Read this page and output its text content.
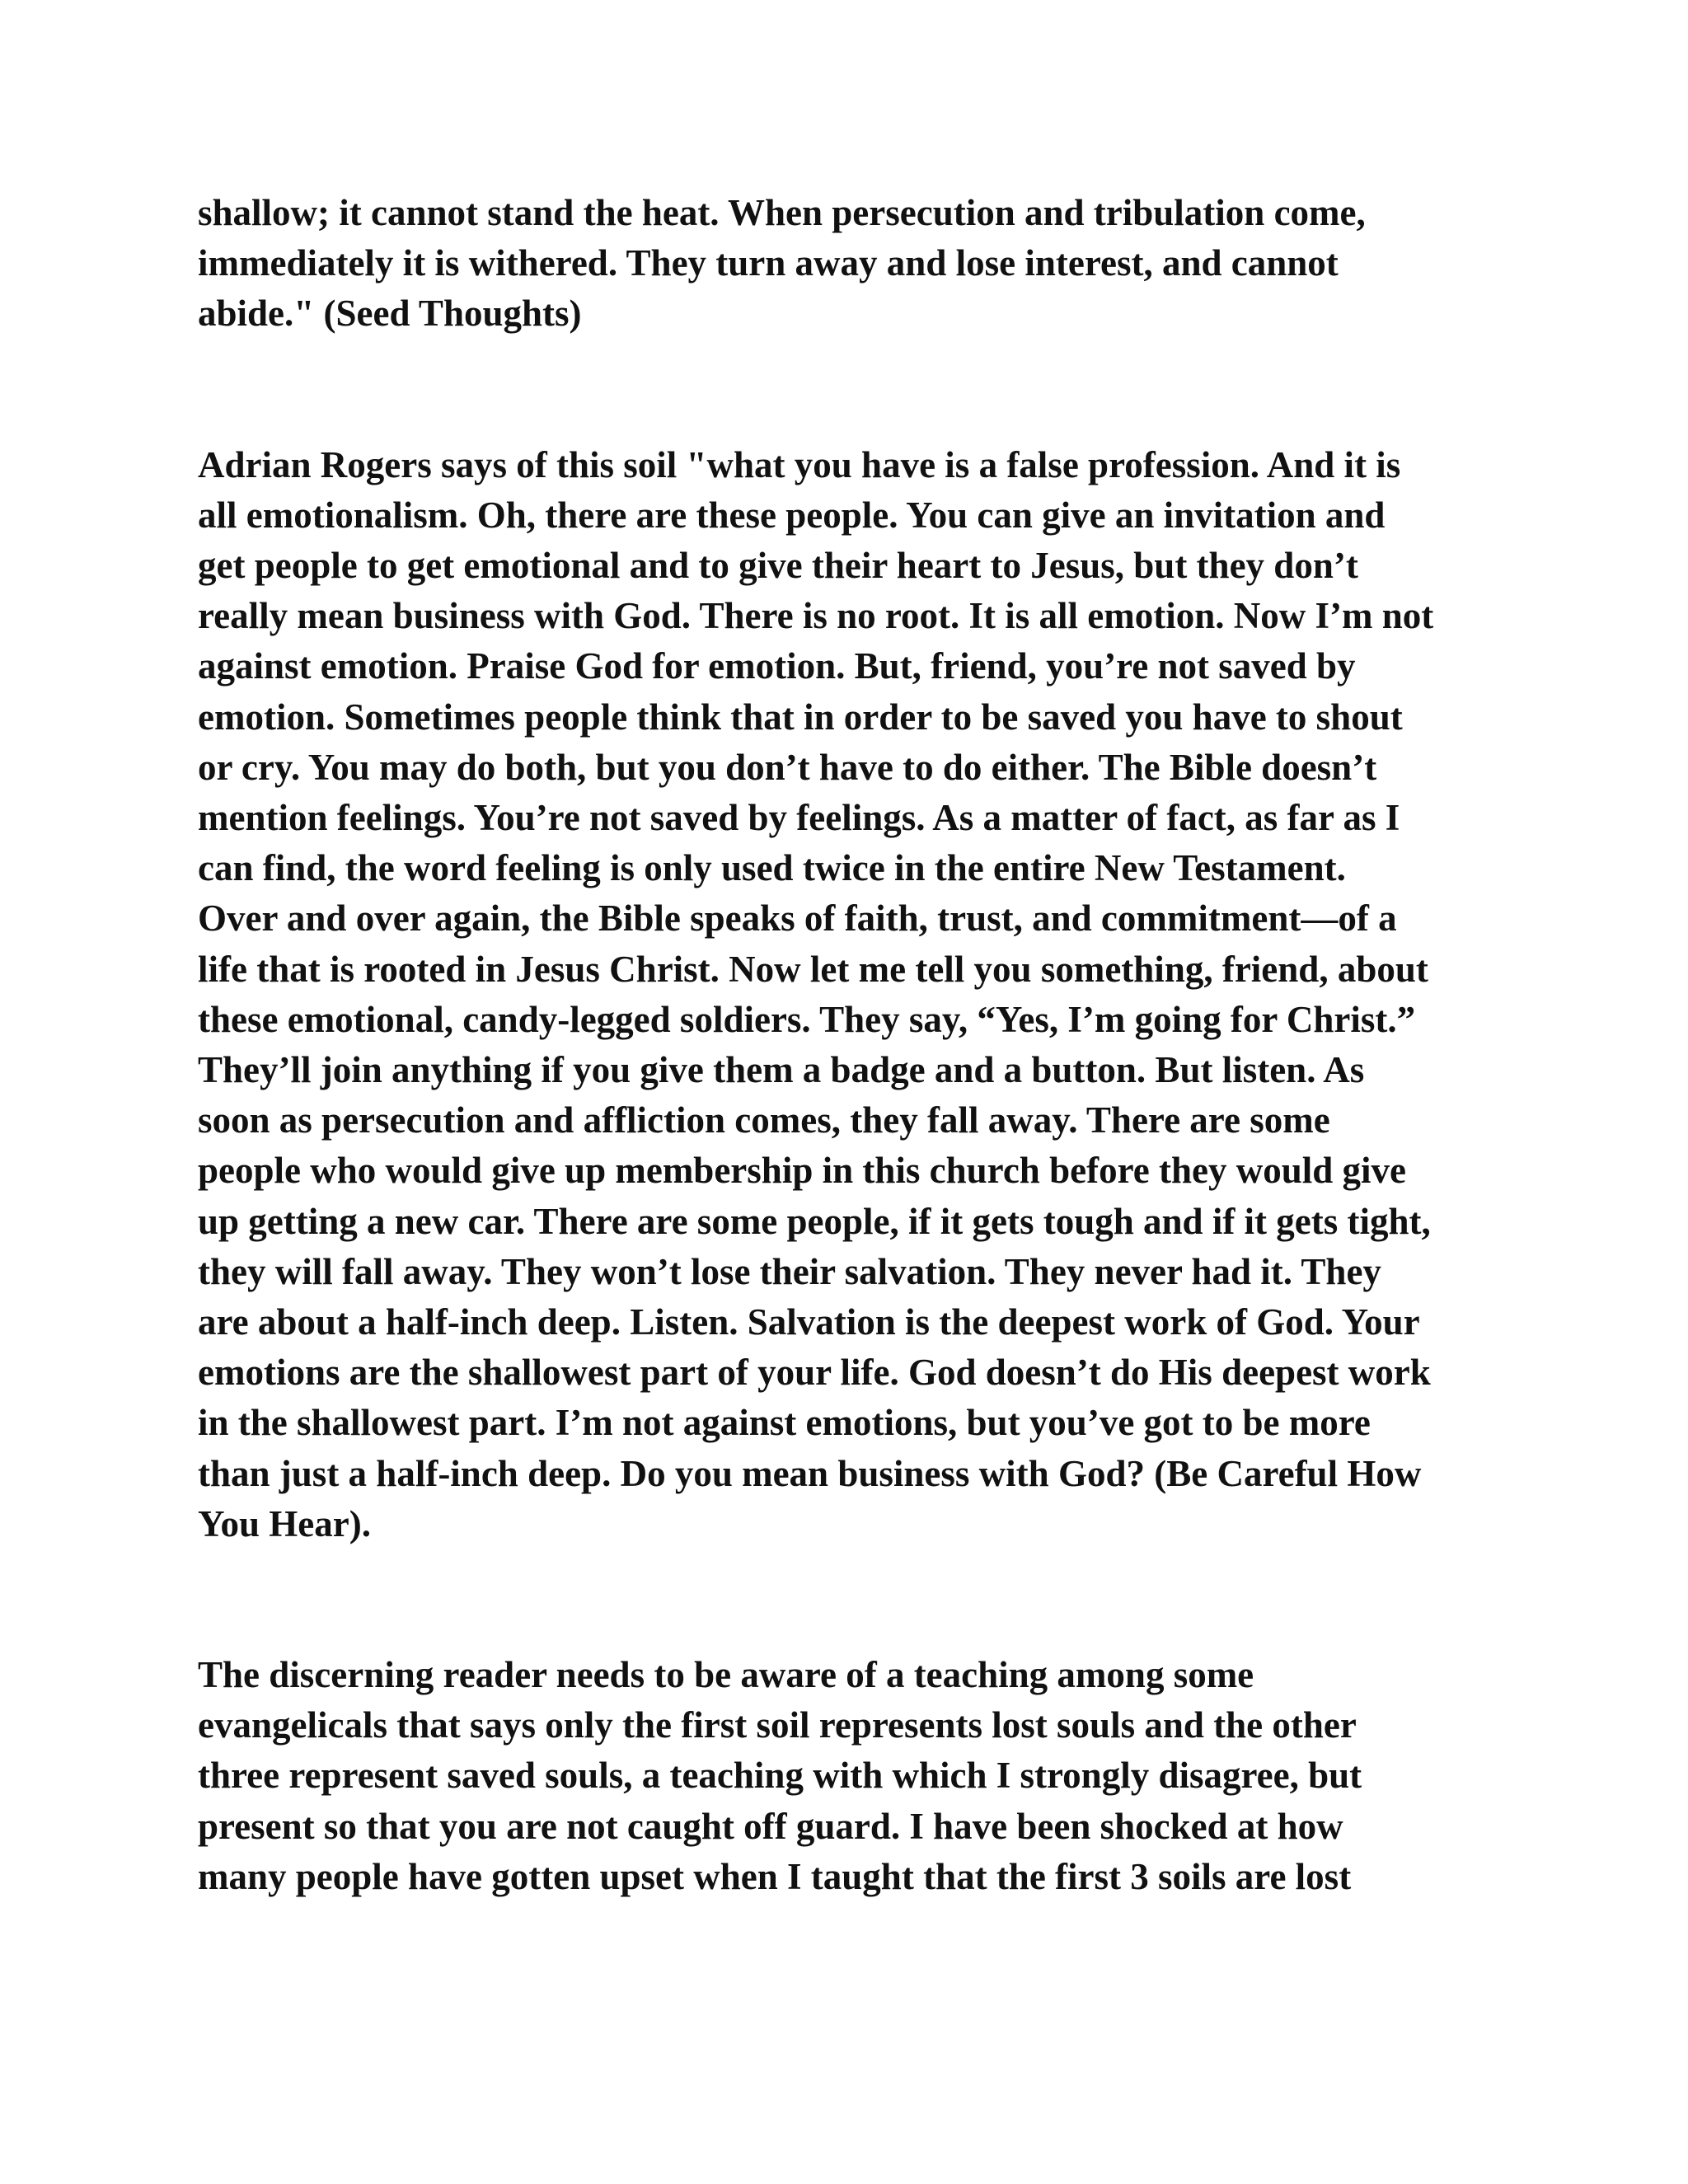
shallow; it cannot stand the heat. When persecution and tribulation come,
immediately it is withered. They turn away and lose interest, and cannot
abide." (Seed Thoughts)

Adrian Rogers says of this soil "what you have is a false profession. And it is
all emotionalism. Oh, there are these people. You can give an invitation and
get people to get emotional and to give their heart to Jesus, but they don’t
really mean business with God. There is no root. It is all emotion. Now I’m not
against emotion. Praise God for emotion. But, friend, you’re not saved by
emotion. Sometimes people think that in order to be saved you have to shout
or cry. You may do both, but you don’t have to do either. The Bible doesn’t
mention feelings. You’re not saved by feelings. As a matter of fact, as far as I
can find, the word feeling is only used twice in the entire New Testament.
Over and over again, the Bible speaks of faith, trust, and commitment—of a
life that is rooted in Jesus Christ. Now let me tell you something, friend, about
these emotional, candy-legged soldiers. They say, “Yes, I’m going for Christ.”
They’ll join anything if you give them a badge and a button. But listen. As
soon as persecution and affliction comes, they fall away. There are some
people who would give up membership in this church before they would give
up getting a new car. There are some people, if it gets tough and if it gets tight,
they will fall away. They won’t lose their salvation. They never had it. They
are about a half-inch deep. Listen. Salvation is the deepest work of God. Your
emotions are the shallowest part of your life. God doesn’t do His deepest work
in the shallowest part. I’m not against emotions, but you’ve got to be more
than just a half-inch deep. Do you mean business with God? (Be Careful How
You Hear).

The discerning reader needs to be aware of a teaching among some
evangelicals that says only the first soil represents lost souls and the other
three represent saved souls, a teaching with which I strongly disagree, but
present so that you are not caught off guard. I have been shocked at how
many people have gotten upset when I taught that the first 3 soils are lost
